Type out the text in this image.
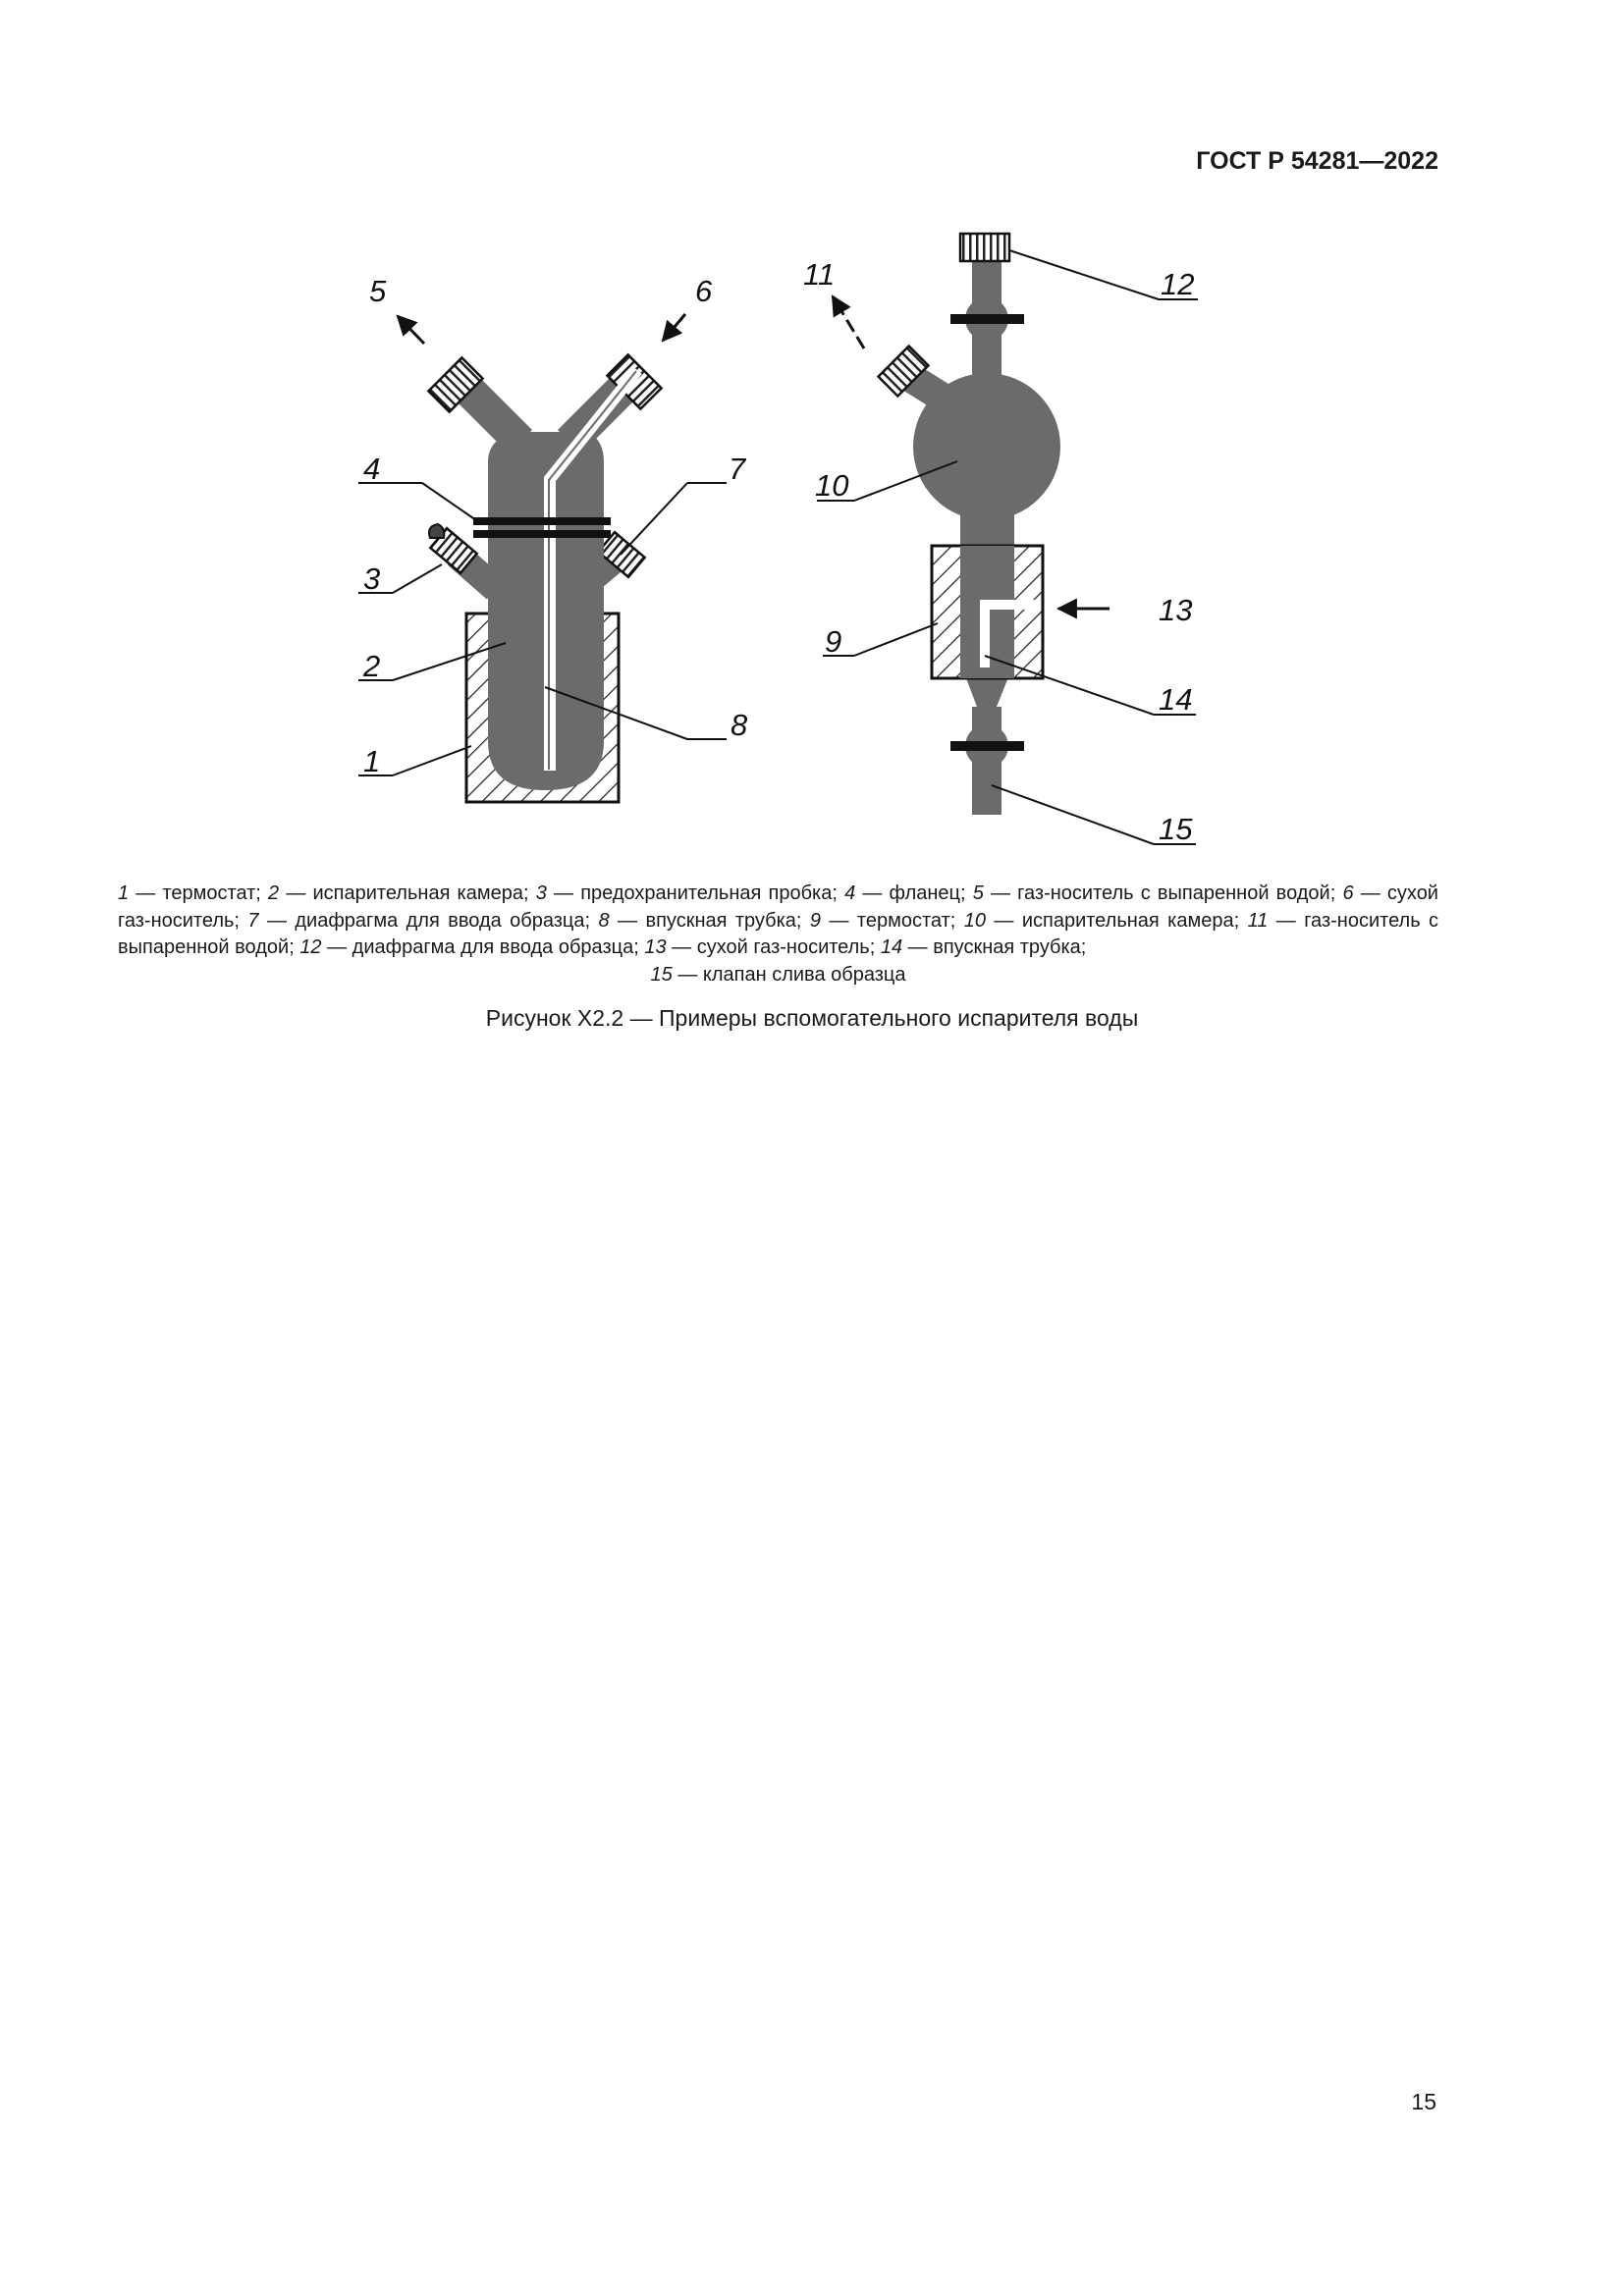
ГОСТ Р 54281—2022
5	6
4	7
3
2
8
1
11	12
10
13
9
14
15
1 — термостат; 2 — испарительная камера; 3 — предохранительная пробка; 4 — фланец; 5 — газ-носитель с выпаренной водой; 6 — сухой газ-носитель; 7 — диафрагма для ввода образца; 8 — впускная трубка; 9 — термостат; 10 — испарительная камера; 11 — газ-носитель с выпаренной водой; 12 — диафрагма для ввода образца; 13 — сухой газ-носитель; 14 — впускная трубка;
15 — клапан слива образца
Рисунок Х2.2 — Примеры вспомогательного испарителя воды
15
